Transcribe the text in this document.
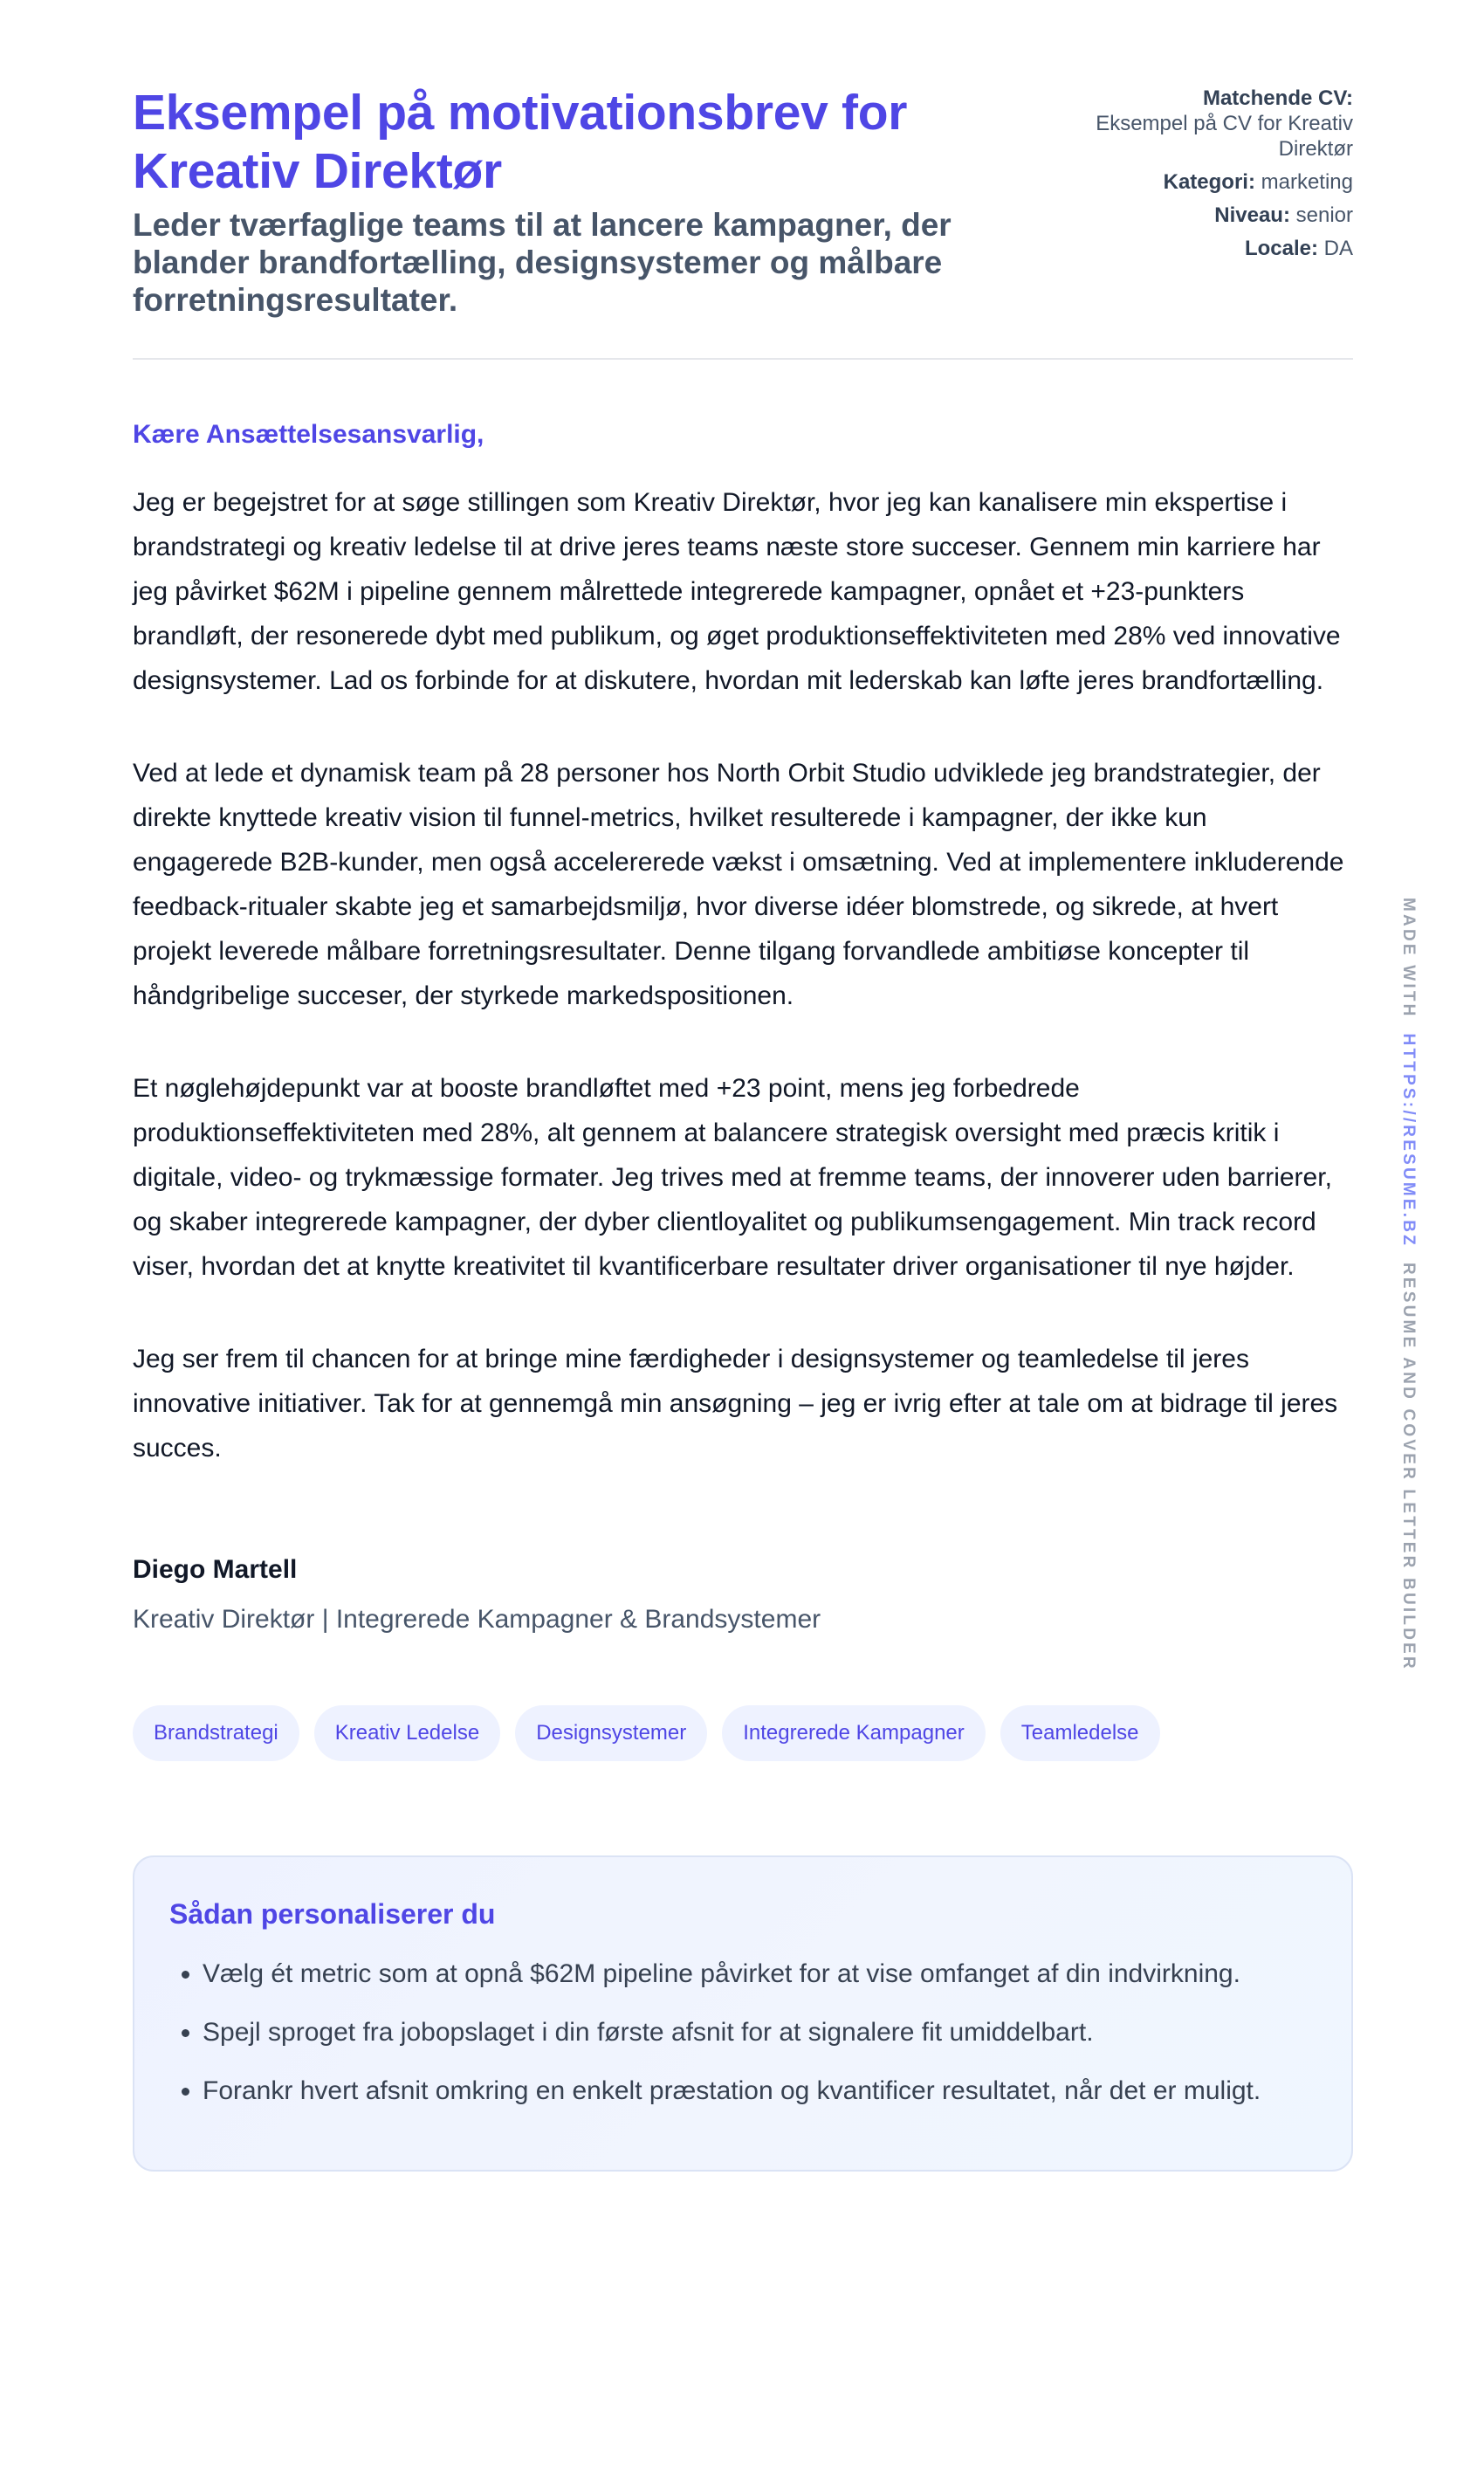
Eksempel på motivationsbrev for Kreativ Direktør
Leder tværfaglige teams til at lancere kampagner, der blander brandfortælling, designsystemer og målbare forretningsresultater.
Matchende CV:
Eksempel på CV for Kreativ Direktør
Kategori: marketing
Niveau: senior
Locale: DA
Kære Ansættelsesansvarlig,

Jeg er begejstret for at søge stillingen som Kreativ Direktør, hvor jeg kan kanalisere min ekspertise i brandstrategi og kreativ ledelse til at drive jeres teams næste store succeser. Gennem min karriere har jeg påvirket $62M i pipeline gennem målrettede integrerede kampagner, opnået et +23-punkters brandløft, der resonerede dybt med publikum, og øget produktionseffektiviteten med 28% ved innovative designsystemer. Lad os forbinde for at diskutere, hvordan mit lederskab kan løfte jeres brandfortælling.

Ved at lede et dynamisk team på 28 personer hos North Orbit Studio udviklede jeg brandstrategier, der direkte knyttede kreativ vision til funnel-metrics, hvilket resulterede i kampagner, der ikke kun engagerede B2B-kunder, men også accelererede vækst i omsætning. Ved at implementere inkluderende feedback-ritualer skabte jeg et samarbejdsmiljø, hvor diverse idéer blomstrede, og sikrede, at hvert projekt leverede målbare forretningsresultater. Denne tilgang forvandlede ambitiøse koncepter til håndgribelige succeser, der styrkede markedspositionen.

Et nøglehøjdepunkt var at booste brandløftet med +23 point, mens jeg forbedrede produktionseffektiviteten med 28%, alt gennem at balancere strategisk oversight med præcis kritik i digitale, video- og trykmæssige formater. Jeg trives med at fremme teams, der innoverer uden barrierer, og skaber integrerede kampagner, der dyber clientloyalitet og publikumsengagement. Min track record viser, hvordan det at knytte kreativitet til kvantificerbare resultater driver organisationer til nye højder.

Jeg ser frem til chancen for at bringe mine færdigheder i designsystemer og teamledelse til jeres innovative initiativer. Tak for at gennemgå min ansøgning – jeg er ivrig efter at tale om at bidrage til jeres succes.

Diego Martell
Kreativ Direktør | Integrerede Kampagner & Brandsystemer
Brandstrategi	Kreativ Ledelse	Designsystemer	Integrerede Kampagner	Teamledelse
Sådan personaliserer du
• Vælg ét metric som at opnå $62M pipeline påvirket for at vise omfanget af din indvirkning.
• Spejl sproget fra jobopslaget i din første afsnit for at signalere fit umiddelbart.
• Forankr hvert afsnit omkring en enkelt præstation og kvantificer resultatet, når det er muligt.
MADE WITH  HTTPS://RESUME.BZ  RESUME AND COVER LETTER BUILDER
